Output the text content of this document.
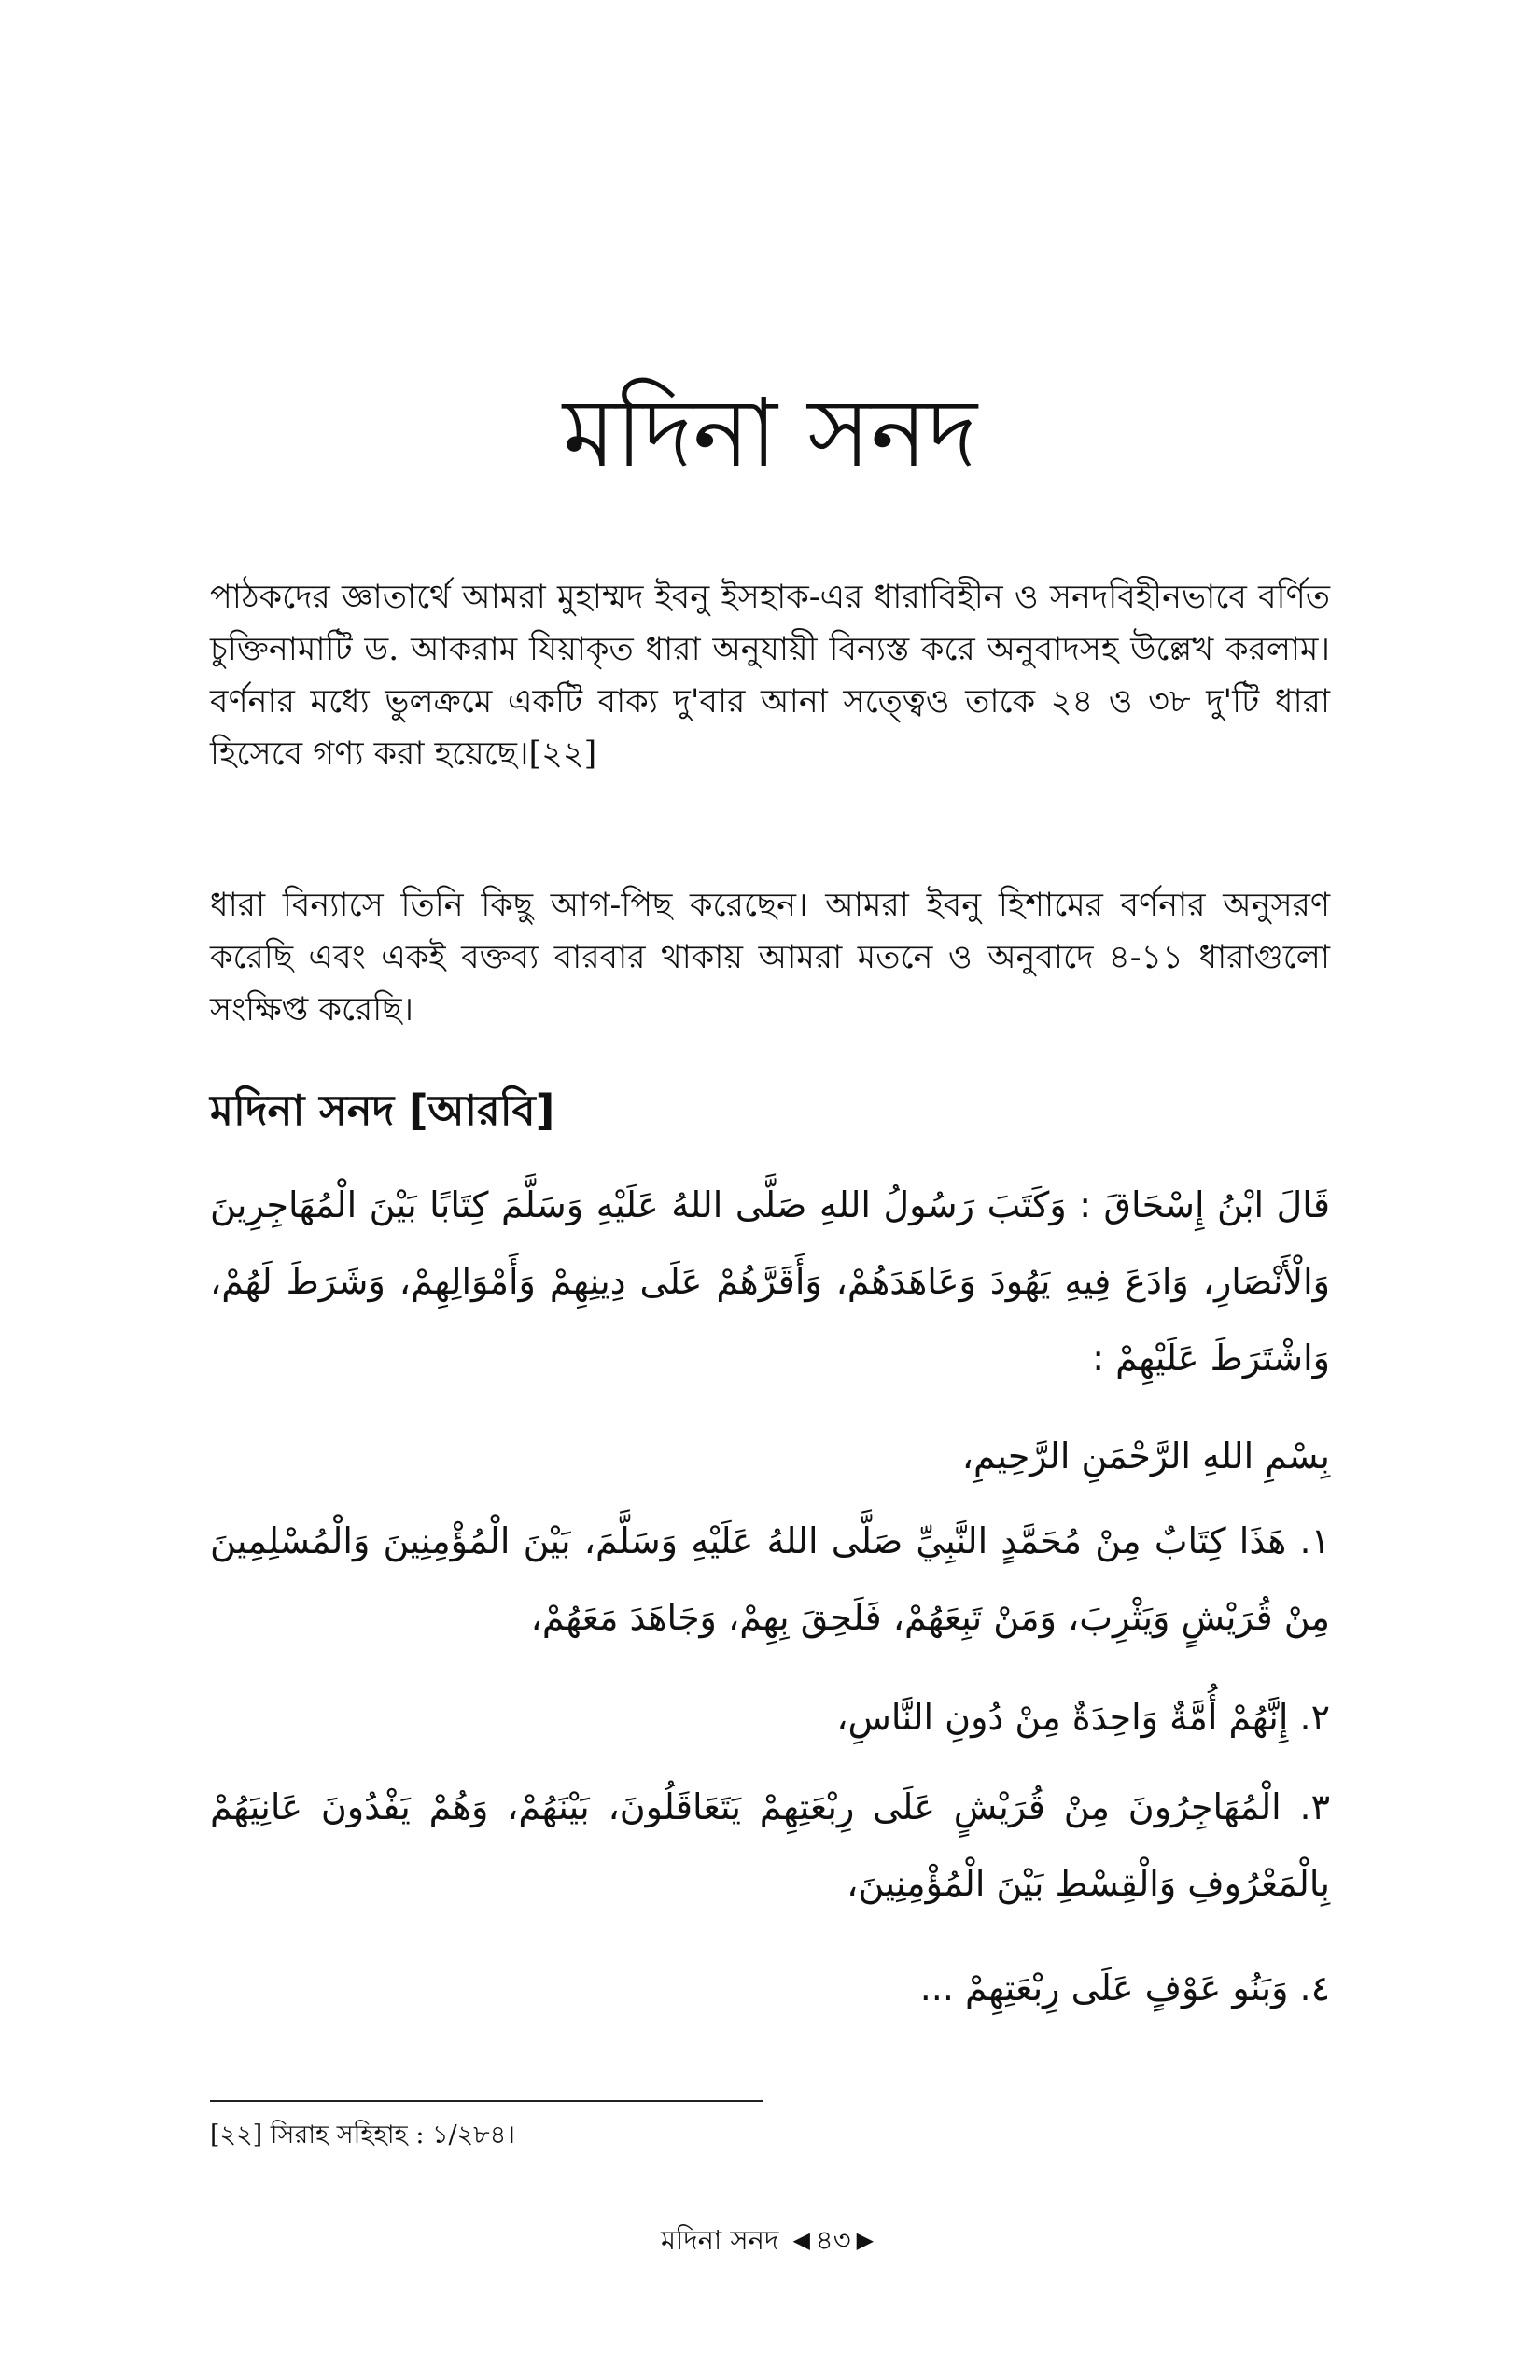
মদিনা সনদ

পাঠকদের জ্ঞাতার্থে আমরা মুহাম্মদ ইবনু ইসহাক-এর ধারাবিহীন ও সনদবিহীনভাবে বর্ণিত চুক্তিনামাটি ড. আকরাম যিয়াকৃত ধারা অনুযায়ী বিন্যস্ত করে অনুবাদসহ উল্লেখ করলাম। বর্ণনার মধ্যে ভুলক্রমে একটি বাক্য দু'বার আনা সত্ত্বেও তাকে ২৪ ও ৩৮ দু'টি ধারা হিসেবে গণ্য করা হয়েছে।[২২]

ধারা বিন্যাসে তিনি কিছু আগ-পিছ করেছেন। আমরা ইবনু হিশামের বর্ণনার অনুসরণ করেছি এবং একই বক্তব্য বারবার থাকায় আমরা মতনে ও অনুবাদে ৪-১১ ধারাগুলো সংক্ষিপ্ত করেছি।

মদিনা সনদ [আরবি]

قَالَ ابْنُ إِسْحَاقَ : وَكَتَبَ رَسُولُ اللهِ صَلَّى اللهُ عَلَيْهِ وَسَلَّمَ كِتَابًا بَيْنَ الْمُهَاجِرِينَ وَالْأَنْصَارِ، وَادَعَ فِيهِ يَهُودَ وَعَاهَدَهُمْ، وَأَقَرَّهُمْ عَلَى دِينِهِمْ وَأَمْوَالِهِمْ، وَشَرَطَ لَهُمْ، وَاشْتَرَطَ عَلَيْهِمْ :

بِسْمِ اللهِ الرَّحْمَنِ الرَّحِيمِ،

١. هَذَا كِتَابٌ مِنْ مُحَمَّدٍ النَّبِيِّ صَلَّى اللهُ عَلَيْهِ وَسَلَّمَ، بَيْنَ الْمُؤْمِنِينَ وَالْمُسْلِمِينَ مِنْ قُرَيْشٍ وَيَثْرِبَ، وَمَنْ تَبِعَهُمْ، فَلَحِقَ بِهِمْ، وَجَاهَدَ مَعَهُمْ،

٢. إِنَّهُمْ أُمَّةٌ وَاحِدَةٌ مِنْ دُونِ النَّاسِ،

٣. الْمُهَاجِرُونَ مِنْ قُرَيْشٍ عَلَى رِبْعَتِهِمْ يَتَعَاقَلُونَ، بَيْنَهُمْ، وَهُمْ يَفْدُونَ عَانِيَهُمْ بِالْمَعْرُوفِ وَالْقِسْطِ بَيْنَ الْمُؤْمِنِينَ،

٤. وَبَنُو عَوْفٍ عَلَى رِبْعَتِهِمْ ...

[২২] সিরাহ সহিহাহ : ১/২৮৪।

মদিনা সনদ ◀ ৪৩ ▶
